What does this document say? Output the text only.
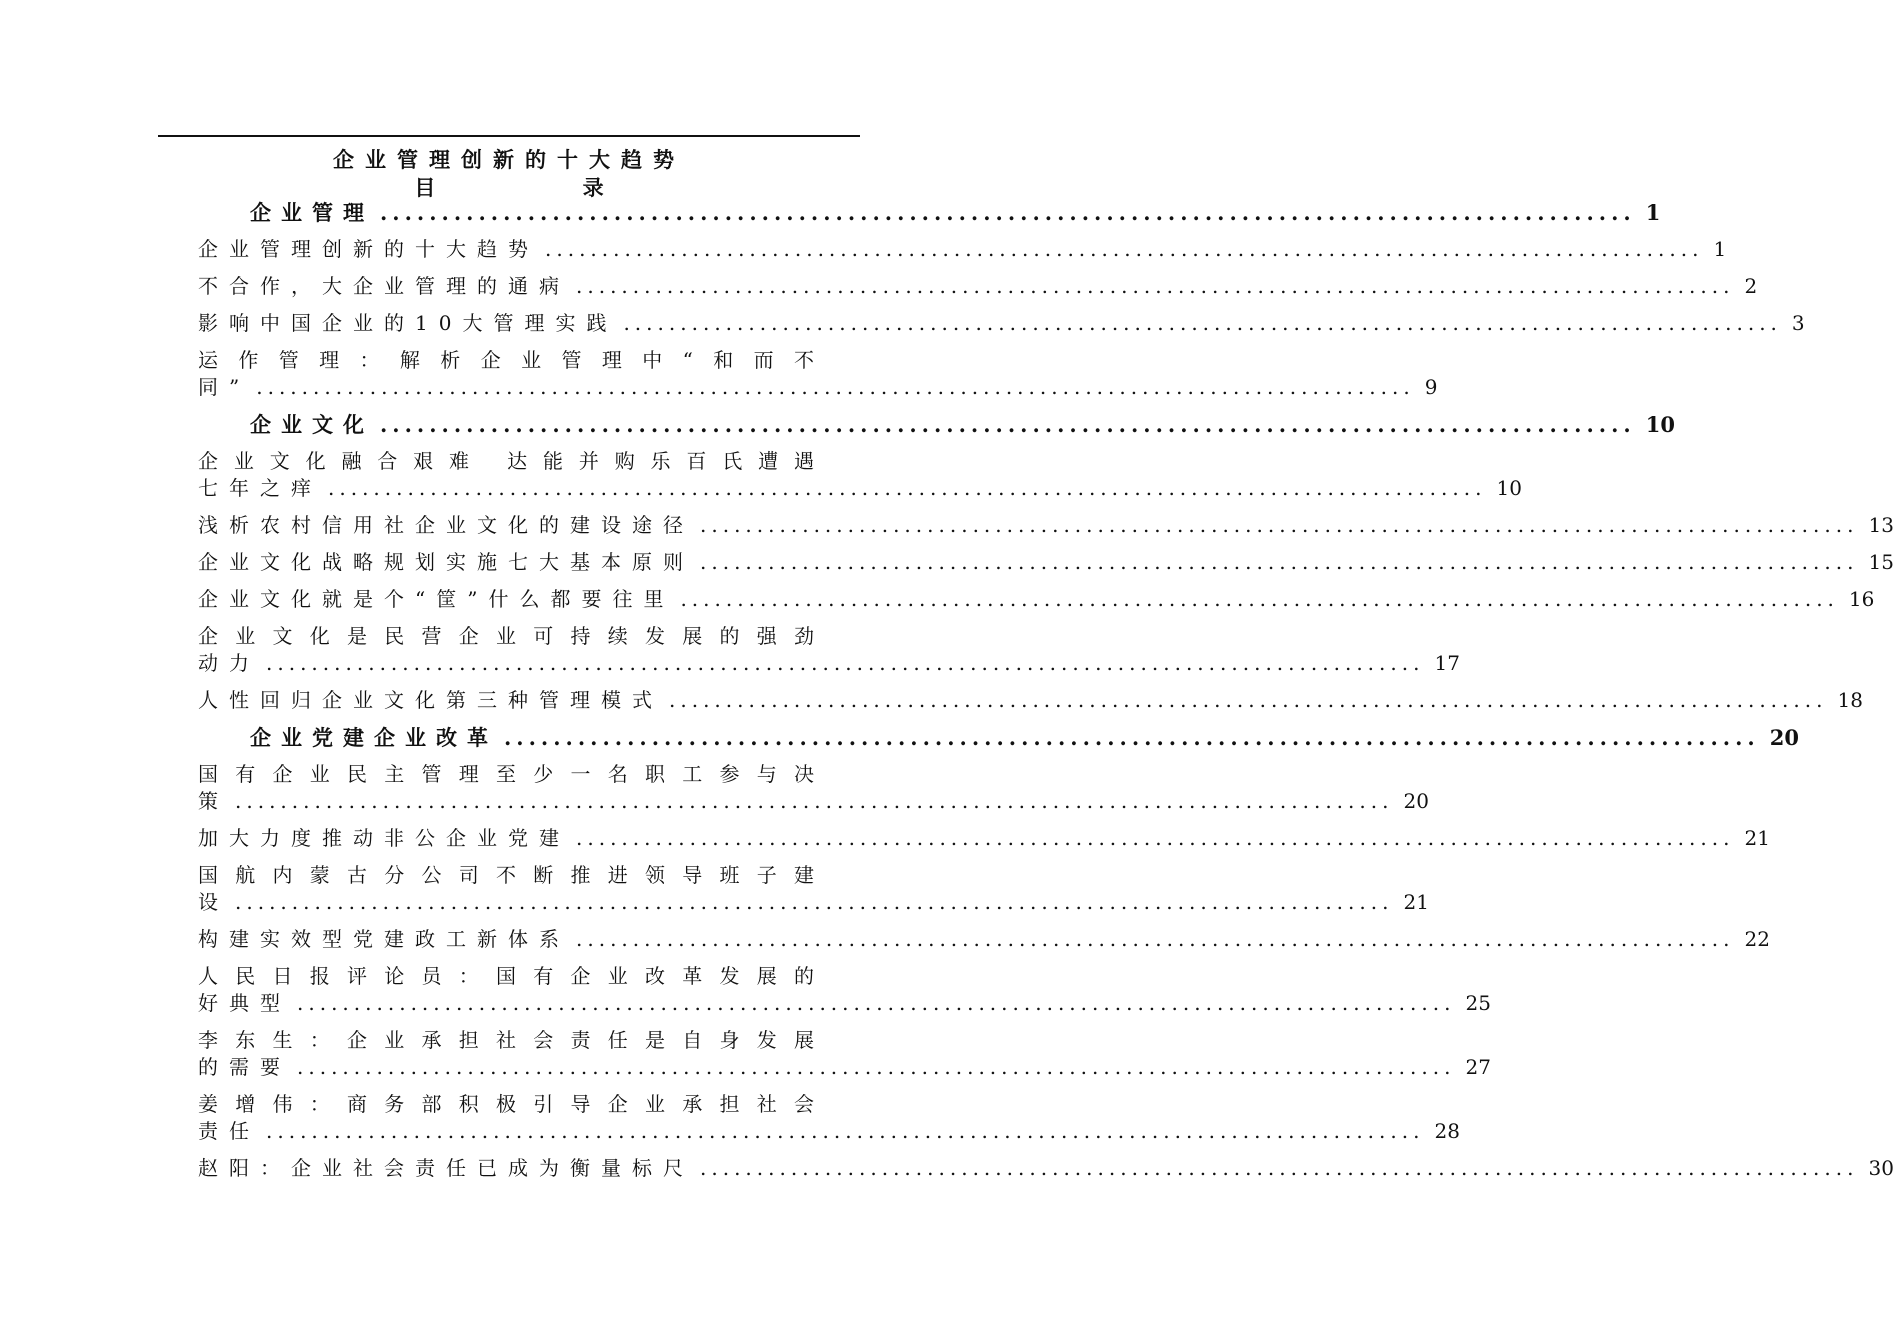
企业管理创新的十大趋势
目 录
企业管理 ...................................................................................................... 1
企业管理创新的十大趋势 ...................................................................................................... 1
不合作，大企业管理的通病 ...................................................................................................... 2
影响中国企业的10大管理实践 ...................................................................................................... 3
运作管理：解析企业管理中“和而不
同” ...................................................................................................... 9
企业文化 ...................................................................................................... 10
企业文化融合艰难 达能并购乐百氏遭遇
七年之痒 ...................................................................................................... 10
浅析农村信用社企业文化的建设途径 ...................................................................................................... 13
企业文化战略规划实施七大基本原则 ...................................................................................................... 15
企业文化就是个“筐”什么都要往里 ...................................................................................................... 16
企业文化是民营企业可持续发展的强劲
动力 ...................................................................................................... 17
人性回归企业文化第三种管理模式 ...................................................................................................... 18
企业党建企业改革 ...................................................................................................... 20
国有企业民主管理至少一名职工参与决
策 ...................................................................................................... 20
加大力度推动非公企业党建 ...................................................................................................... 21
国航内蒙古分公司不断推进领导班子建
设 ...................................................................................................... 21
构建实效型党建政工新体系 ...................................................................................................... 22
人民日报评论员：国有企业改革发展的
好典型 ...................................................................................................... 25
李东生：企业承担社会责任是自身发展
的需要 ...................................................................................................... 27
姜增伟：商务部积极引导企业承担社会
责任 ...................................................................................................... 28
赵阳：企业社会责任已成为衡量标尺 ...................................................................................................... 30
